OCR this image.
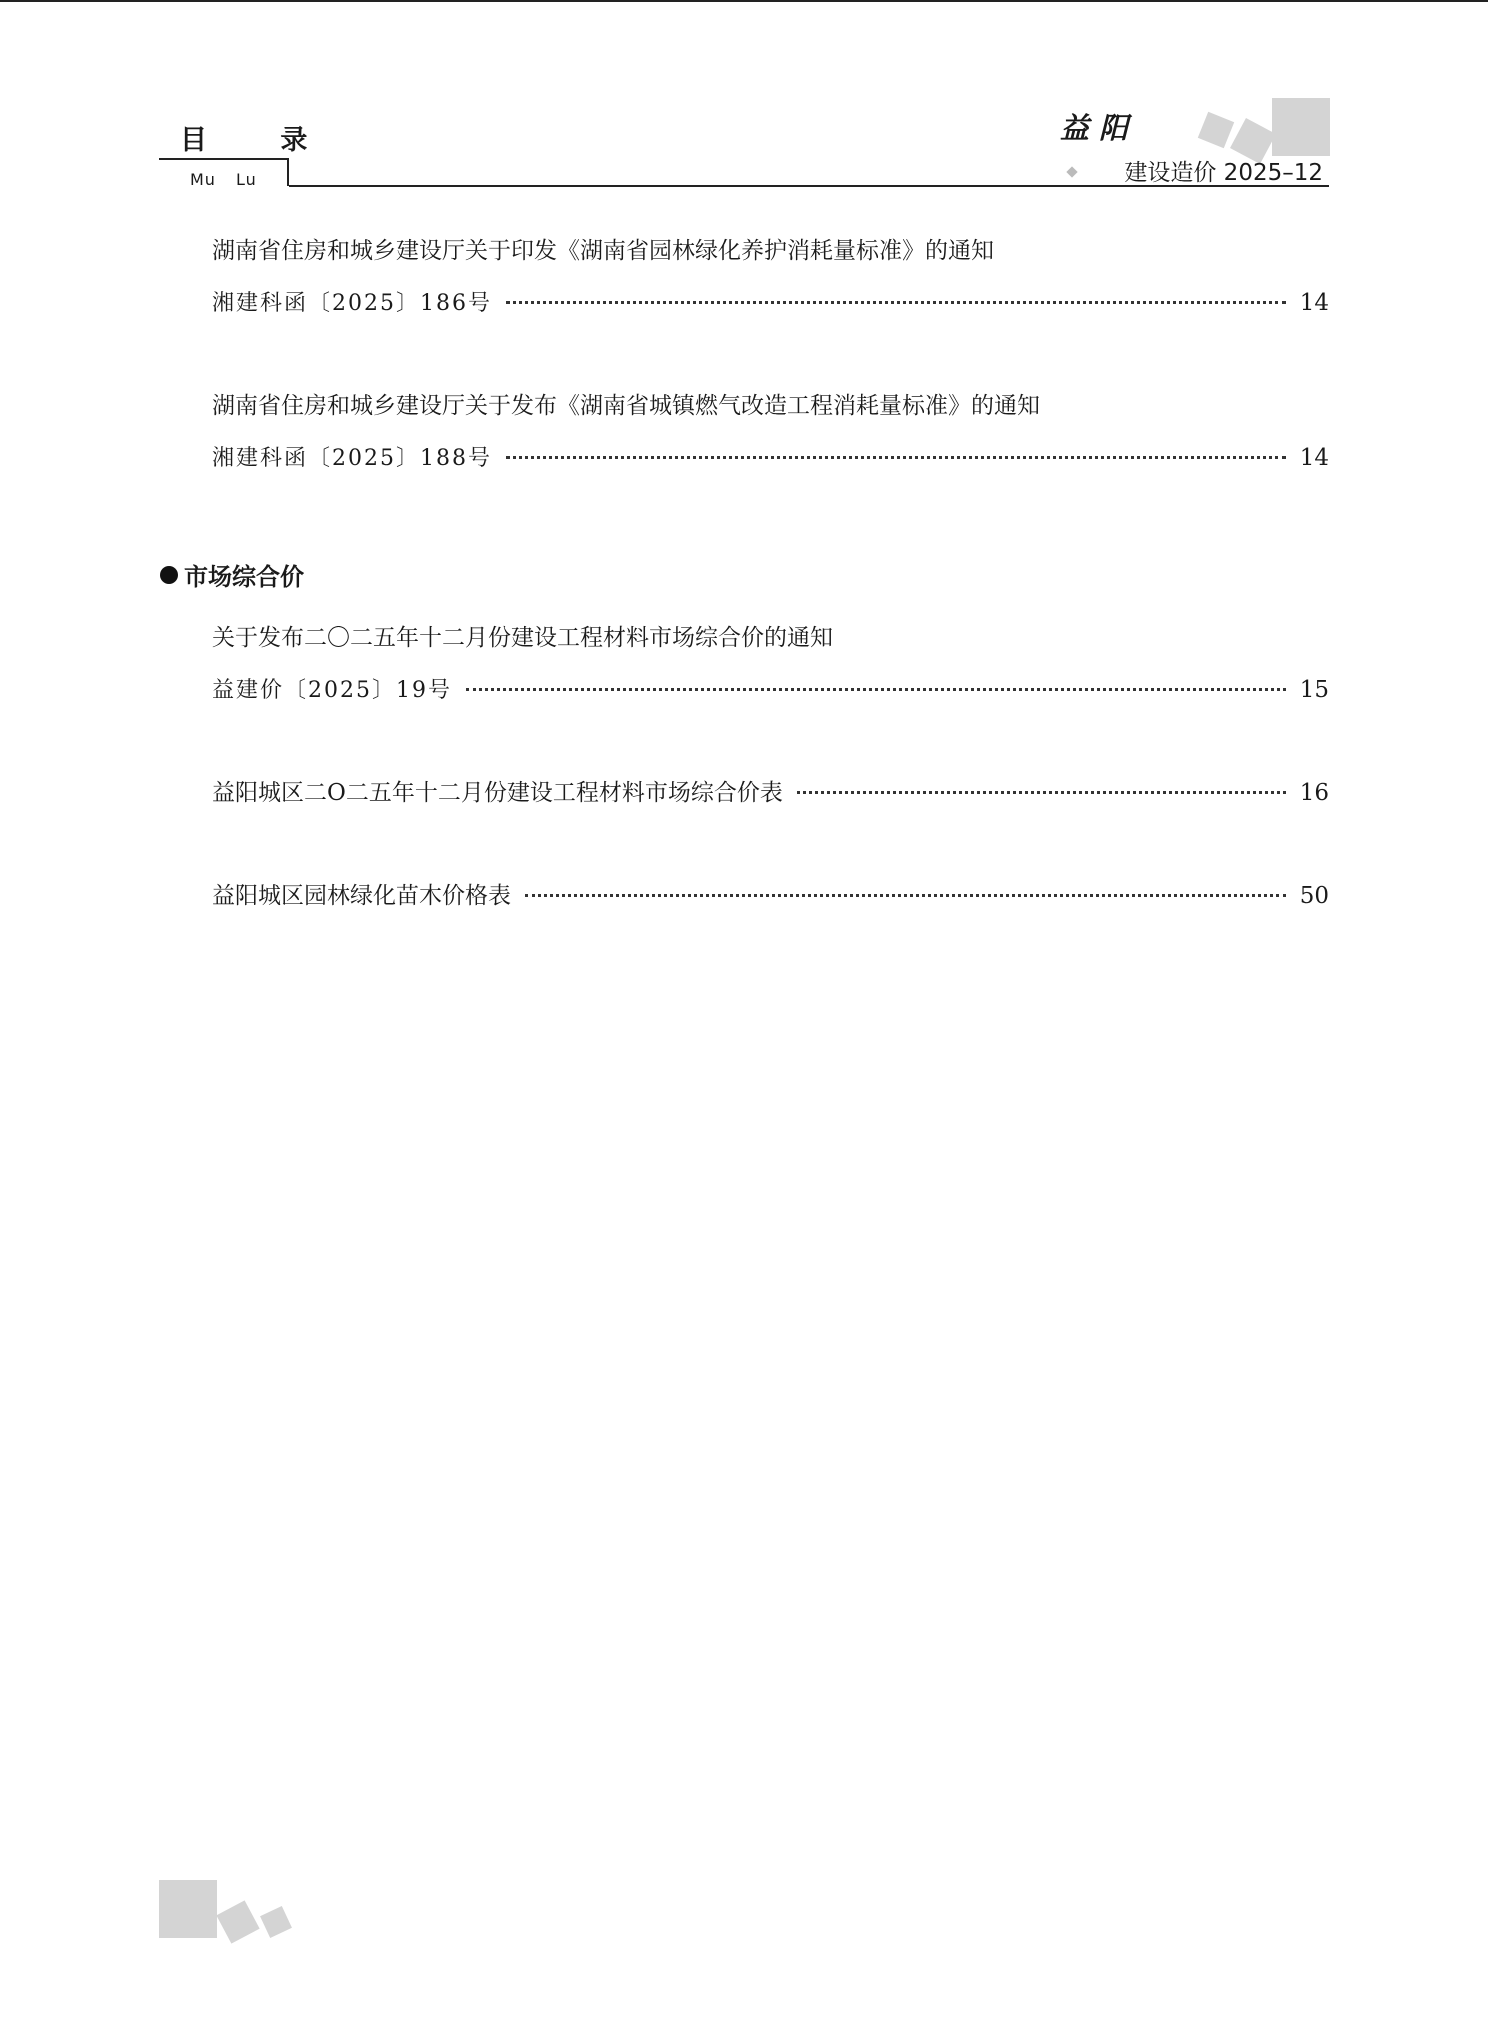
目 录
Mu Lu
益阳
建设造价 2025–12
湖南省住房和城乡建设厅关于印发《湖南省园林绿化养护消耗量标准》的通知
湘建科函〔2025〕186号	14
湖南省住房和城乡建设厅关于发布《湖南省城镇燃气改造工程消耗量标准》的通知
湘建科函〔2025〕188号	14
市场综合价
关于发布二〇二五年十二月份建设工程材料市场综合价的通知
益建价〔2025〕19号	15
益阳城区二O二五年十二月份建设工程材料市场综合价表	16
益阳城区园林绿化苗木价格表	50
